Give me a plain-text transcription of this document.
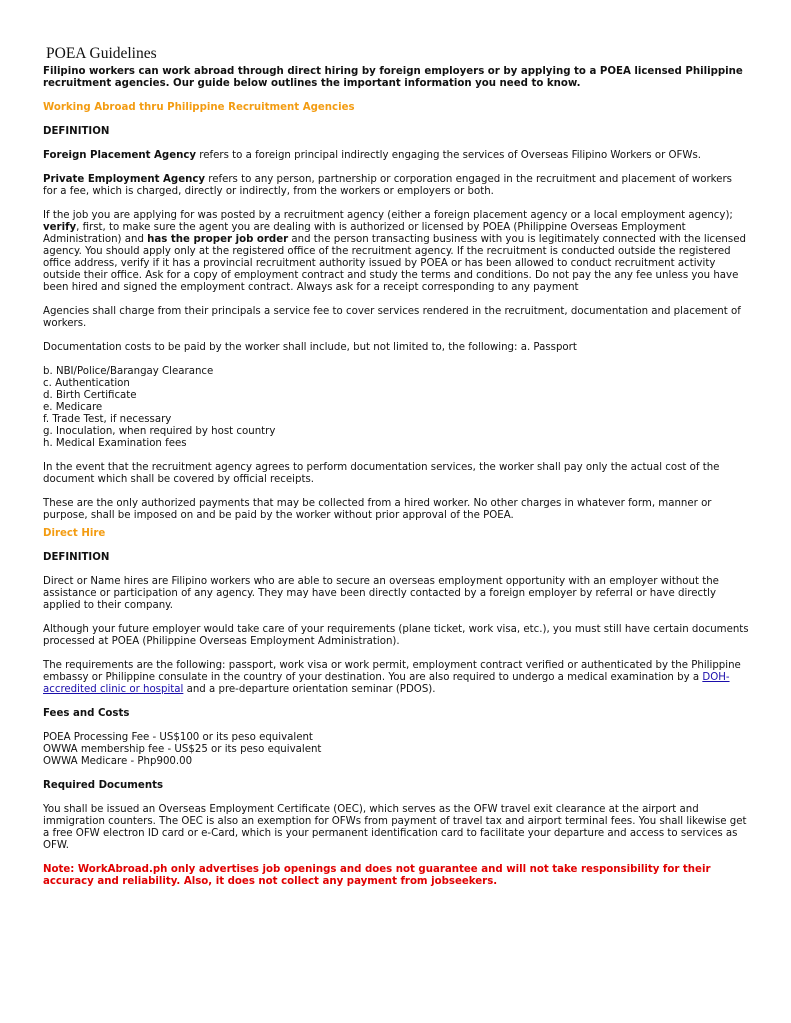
POEA Guidelines

Filipino workers can work abroad through direct hiring by foreign employers or by applying to a POEA licensed Philippine recruitment agencies. Our guide below outlines the important information you need to know.

Working Abroad thru Philippine Recruitment Agencies
DEFINITION

Foreign Placement Agency refers to a foreign principal indirectly engaging the services of Overseas Filipino Workers or OFWs.

Private Employment Agency refers to any person, partnership or corporation engaged in the recruitment and placement of workers for a fee, which is charged, directly or indirectly, from the workers or employers or both.

If the job you are applying for was posted by a recruitment agency (either a foreign placement agency or a local employment agency); verify, first, to make sure the agent you are dealing with is authorized or licensed by POEA (Philippine Overseas Employment Administration) and has the proper job order and the person transacting business with you is legitimately connected with the licensed agency. You should apply only at the registered office of the recruitment agency. If the recruitment is conducted outside the registered office address, verify if it has a provincial recruitment authority issued by POEA or has been allowed to conduct recruitment activity outside their office. Ask for a copy of employment contract and study the terms and conditions. Do not pay the any fee unless you have been hired and signed the employment contract. Always ask for a receipt corresponding to any payment

Agencies shall charge from their principals a service fee to cover services rendered in the recruitment, documentation and placement of workers.

Documentation costs to be paid by the worker shall include, but not limited to, the following: a. Passport

b. NBI/Police/Barangay Clearance
c. Authentication
d. Birth Certificate
e. Medicare
f. Trade Test, if necessary
g. Inoculation, when required by host country
h. Medical Examination fees

In the event that the recruitment agency agrees to perform documentation services, the worker shall pay only the actual cost of the document which shall be covered by official receipts.

These are the only authorized payments that may be collected from a hired worker. No other charges in whatever form, manner or purpose, shall be imposed on and be paid by the worker without prior approval of the POEA.

Direct Hire
DEFINITION

Direct or Name hires are Filipino workers who are able to secure an overseas employment opportunity with an employer without the assistance or participation of any agency. They may have been directly contacted by a foreign employer by referral or have directly applied to their company.

Although your future employer would take care of your requirements (plane ticket, work visa, etc.), you must still have certain documents processed at POEA (Philippine Overseas Employment Administration).

The requirements are the following: passport, work visa or work permit, employment contract verified or authenticated by the Philippine embassy or Philippine consulate in the country of your destination. You are also required to undergo a medical examination by a DOH-accredited clinic or hospital and a pre-departure orientation seminar (PDOS).

Fees and Costs
POEA Processing Fee - US$100 or its peso equivalent
OWWA membership fee - US$25 or its peso equivalent
OWWA Medicare - Php900.00
Required Documents

You shall be issued an Overseas Employment Certificate (OEC), which serves as the OFW travel exit clearance at the airport and immigration counters. The OEC is also an exemption for OFWs from payment of travel tax and airport terminal fees. You shall likewise get a free OFW electron ID card or e-Card, which is your permanent identification card to facilitate your departure and access to services as OFW.

Note: WorkAbroad.ph only advertises job openings and does not guarantee and will not take responsibility for their accuracy and reliability. Also, it does not collect any payment from jobseekers.
